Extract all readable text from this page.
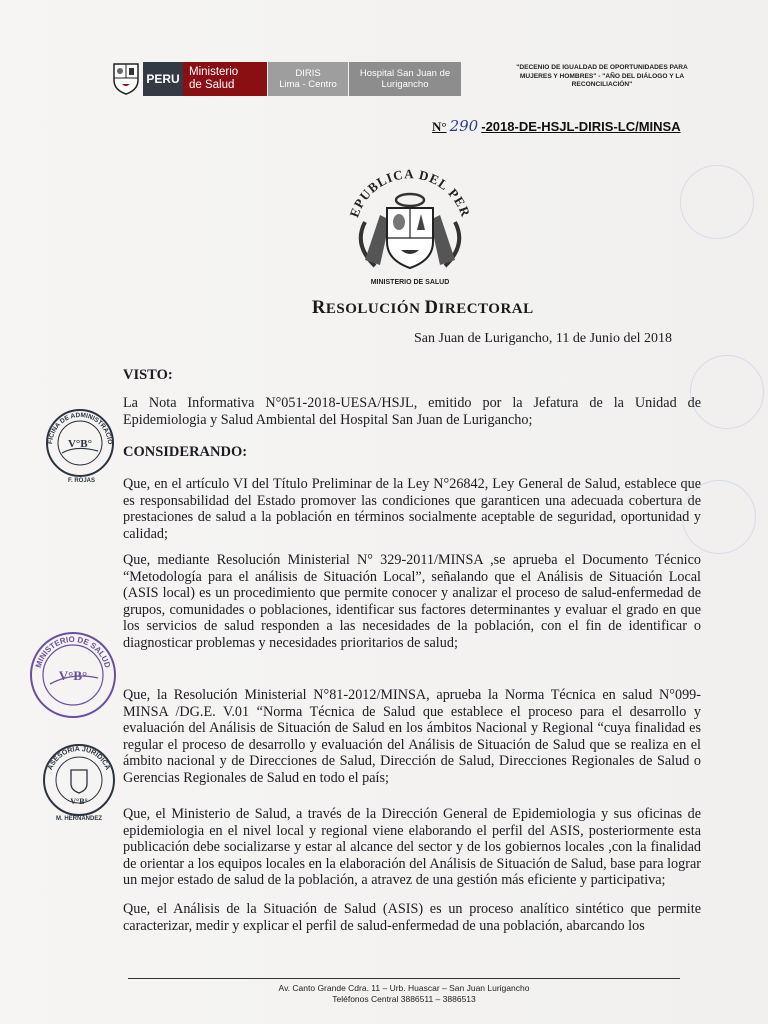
PERU Ministerio
de Salud
DIRIS
Lima - Centro
Hospital San Juan de
Lurigancho
"DECENIO DE IGUALDAD DE OPORTUNIDADES PARA MUJERES Y HOMBRES" - "AÑO DEL DIÁLOGO Y LA RECONCILIACIÓN"
N° 290 -2018-DE-HSJL-DIRIS-LC/MINSA
EPUBLICA DEL PER
MINISTERIO DE SALUD
RESOLUCIÓN DIRECTORAL
San Juan de Lurigancho, 11 de Junio del 2018
VISTO:
La Nota Informativa N°051-2018-UESA/HSJL, emitido por la Jefatura de la Unidad de Epidemiologia y Salud Ambiental del Hospital San Juan de Lurigancho;
CONSIDERANDO:
Que, en el artículo VI del Título Preliminar de la Ley N°26842, Ley General de Salud, establece que es responsabilidad del Estado promover las condiciones que garanticen una adecuada cobertura de prestaciones de salud a la población en términos socialmente aceptable de seguridad, oportunidad y calidad;
Que, mediante Resolución Ministerial N° 329-2011/MINSA ,se aprueba el Documento Técnico “Metodología para el análisis de Situación Local”, señalando que el Análisis de Situación Local (ASIS local) es un procedimiento que permite conocer y analizar el proceso de salud-enfermedad de grupos, comunidades o poblaciones, identificar sus factores determinantes y evaluar el grado en que los servicios de salud responden a las necesidades de la población, con el fin de identificar o diagnosticar problemas y necesidades prioritarios de salud;
Que, la Resolución Ministerial N°81-2012/MINSA, aprueba la Norma Técnica en salud N°099-MINSA /DG.E. V.01 “Norma Técnica de Salud que establece el proceso para el desarrollo y evaluación del Análisis de Situación de Salud en los ámbitos Nacional y Regional “cuya finalidad es regular el proceso de desarrollo y evaluación del Análisis de Situación de Salud que se realiza en el ámbito nacional y de Direcciones de Salud, Dirección de Salud, Direcciones Regionales de Salud o Gerencias Regionales de Salud en todo el país;
Que, el Ministerio de Salud, a través de la Dirección General de Epidemiologia y sus oficinas de epidemiologia en el nivel local y regional viene elaborando el perfil del ASIS, posteriormente esta publicación debe socializarse y estar al alcance del sector y de los gobiernos locales ,con la finalidad de orientar a los equipos locales en la elaboración del Análisis de Situación de Salud, base para lograr un mejor estado de salud de la población, a atravez de una gestión más eficiente y participativa;
Que, el Análisis de la Situación de Salud (ASIS) es un proceso analítico sintético que permite caracterizar, medir y explicar el perfil de salud-enfermedad de una población, abarcando los
FICINA DE ADMINISTRACIÓ
V°B°
F. ROJAS
MINISTERIO DE SALUD
V°B°
ASESORIA JURIDICA
V°B°
M. HERNANDEZ
Av. Canto Grande Cdra. 11 – Urb. Huascar – San Juan Lurigancho
Teléfonos Central 3886511 – 3886513
